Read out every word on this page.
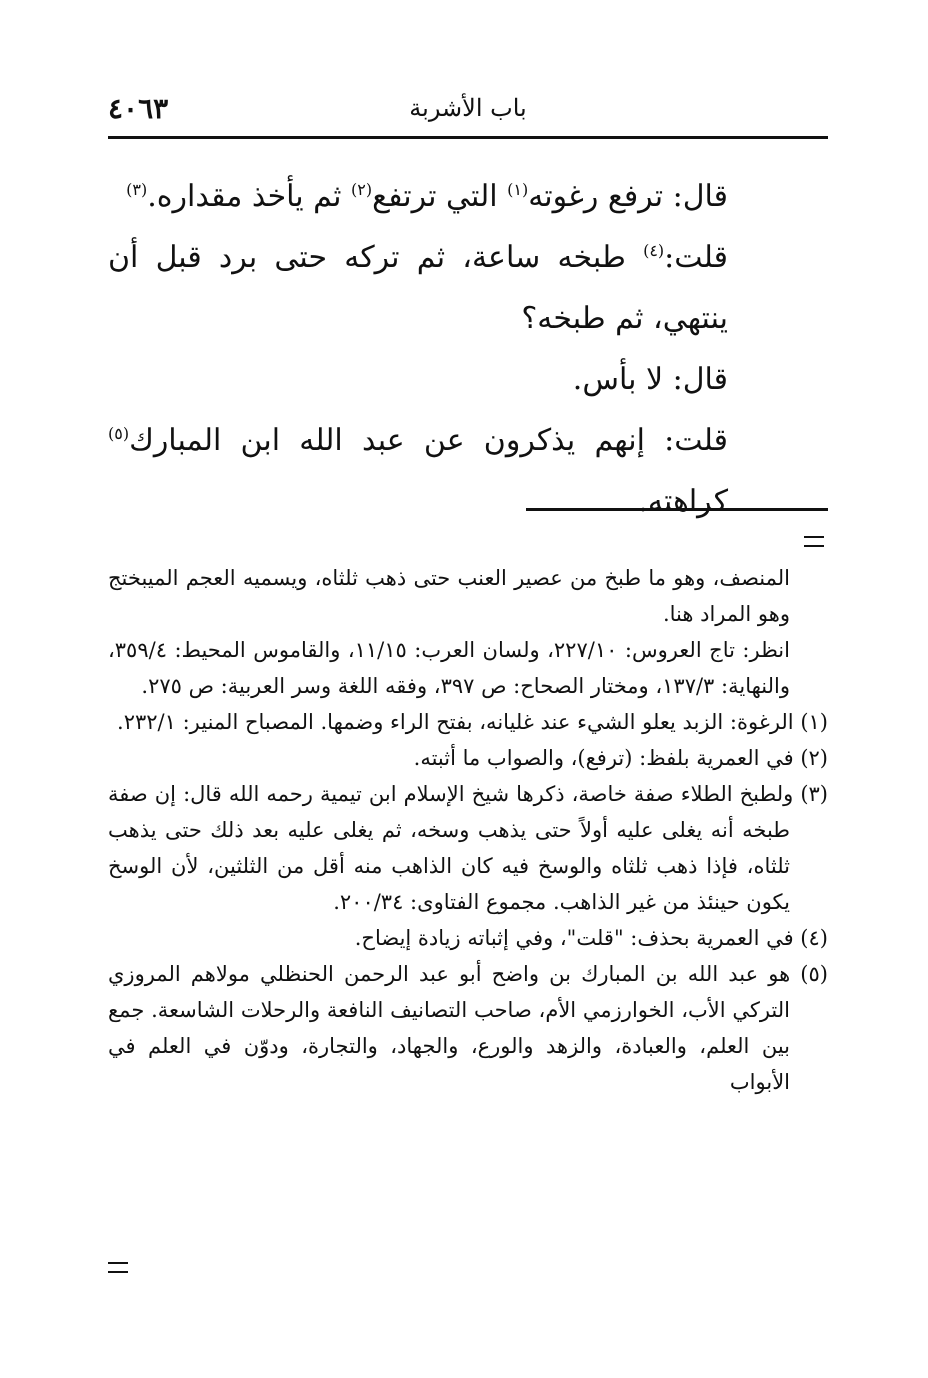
باب الأشربة
٤٠٦٣

قال: ترفع رغوته$^{(١)}$ التي ترتفع$^{(٢)}$ ثم يأخذ مقداره.$^{(٣)}$

قلت:$^{(٤)}$ طبخه ساعة، ثم تركه حتى برد قبل أن ينتهي، ثم طبخه؟

قال: لا بأس.

قلت: إنهم يذكرون عن عبد الله ابن المبارك$^{(٥)}$ كراهته.

المنصف، وهو ما طبخ من عصير العنب حتى ذهب ثلثاه، ويسميه العجم الميبختج وهو المراد هنا.

انظر: تاج العروس: ٢٢٧/١٠، ولسان العرب: ١١/١٥، والقاموس المحيط: ٣٥٩/٤، والنهاية: ١٣٧/٣، ومختار الصحاح: ص ٣٩٧، وفقه اللغة وسر العربية: ص ٢٧٥.

(١) الرغوة: الزبد يعلو الشيء عند غليانه، بفتح الراء وضمها. المصباح المنير: ٢٣٢/١.

(٢) في العمرية بلفظ: (ترفع)، والصواب ما أثبته.

(٣) ولطبخ الطلاء صفة خاصة، ذكرها شيخ الإسلام ابن تيمية رحمه الله قال: إن صفة طبخه أنه يغلى عليه أولاً حتى يذهب وسخه، ثم يغلى عليه بعد ذلك حتى يذهب ثلثاه، فإذا ذهب ثلثاه والوسخ فيه كان الذاهب منه أقل من الثلثين، لأن الوسخ يكون حينئذ من غير الذاهب. مجموع الفتاوى: ٢٠٠/٣٤.

(٤) في العمرية بحذف: "قلت"، وفي إثباته زيادة إيضاح.

(٥) هو عبد الله بن المبارك بن واضح أبو عبد الرحمن الحنظلي مولاهم المروزي التركي الأب، الخوارزمي الأم، صاحب التصانيف النافعة والرحلات الشاسعة. جمع بين العلم، والعبادة، والزهد والورع، والجهاد، والتجارة، ودوّن في العلم في الأبواب
